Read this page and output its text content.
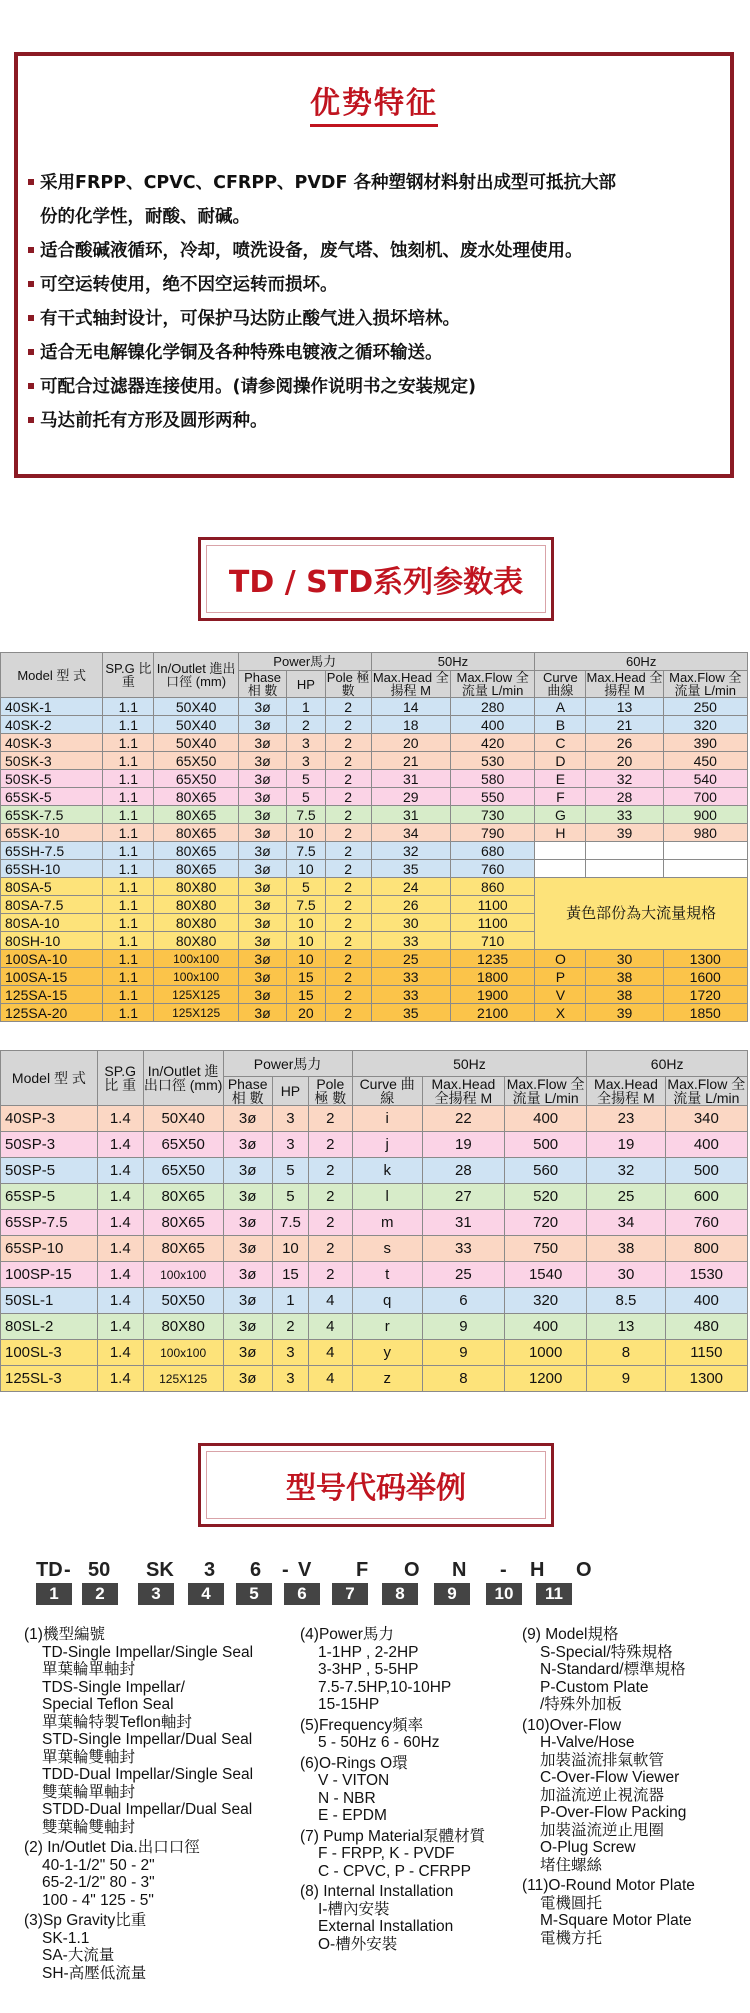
优势特征
采用FRPP、CPVC、CFRPP、PVDF 各种塑钢材料射出成型可抵抗大部
份的化学性，耐酸、耐碱。
适合酸碱液循环，冷却，喷洗设备，废气塔、蚀刻机、废水处理使用。
可空运转使用，绝不因空运转而损坏。
有干式轴封设计，可保护马达防止酸气进入损坏培林。
适合无电解镍化学铜及各种特殊电镀液之循环输送。
可配合过滤器连接使用。(请参阅操作说明书之安装规定)
马达前托有方形及圆形两种。
TD / STD系列参数表
Model 型 式	SP.G 比 重	In/Outlet 進出口徑 (mm)	Power馬力			50Hz		60Hz		
			Phase 相 數	HP	Pole 極 數	Max.Head 全揚程 M	Max.Flow 全流量 L/min	Curve 曲線	Max.Head 全揚程 M	Max.Flow 全流量 L/min
40SK-1	1.1	50X40	3ø	1	2	14	280	A	13	250
40SK-2	1.1	50X40	3ø	2	2	18	400	B	21	320
40SK-3	1.1	50X40	3ø	3	2	20	420	C	26	390
50SK-3	1.1	65X50	3ø	3	2	21	530	D	20	450
50SK-5	1.1	65X50	3ø	5	2	31	580	E	32	540
65SK-5	1.1	80X65	3ø	5	2	29	550	F	28	700
65SK-7.5	1.1	80X65	3ø	7.5	2	31	730	G	33	900
65SK-10	1.1	80X65	3ø	10	2	34	790	H	39	980
65SH-7.5	1.1	80X65	3ø	7.5	2	32	680			
65SH-10	1.1	80X65	3ø	10	2	35	760			
80SA-5	1.1	80X80	3ø	5	2	24	860	黃色部份為大流量規格		
80SA-7.5	1.1	80X80	3ø	7.5	2	26	1100			
80SA-10	1.1	80X80	3ø	10	2	30	1100			
80SH-10	1.1	80X80	3ø	10	2	33	710			
100SA-10	1.1	100x100	3ø	10	2	25	1235	O	30	1300
100SA-15	1.1	100x100	3ø	15	2	33	1800	P	38	1600
125SA-15	1.1	125X125	3ø	15	2	33	1900	V	38	1720
125SA-20	1.1	125X125	3ø	20	2	35	2100	X	39	1850
Model 型 式	SP.G 比 重	In/Outlet 進出口徑 (mm)	Power馬力			50Hz			60Hz	
			Phase 相 數	HP	Pole 極 數	Curve 曲線	Max.Head 全揚程 M	Max.Flow 全流量 L/min	Max.Head 全揚程 M	Max.Flow 全流量 L/min
40SP-3	1.4	50X40	3ø	3	2	i	22	400	23	340
50SP-3	1.4	65X50	3ø	3	2	j	19	500	19	400
50SP-5	1.4	65X50	3ø	5	2	k	28	560	32	500
65SP-5	1.4	80X65	3ø	5	2	l	27	520	25	600
65SP-7.5	1.4	80X65	3ø	7.5	2	m	31	720	34	760
65SP-10	1.4	80X65	3ø	10	2	s	33	750	38	800
100SP-15	1.4	100x100	3ø	15	2	t	25	1540	30	1530
50SL-1	1.4	50X50	3ø	1	4	q	6	320	8.5	400
80SL-2	1.4	80X80	3ø	2	4	r	9	400	13	480
100SL-3	1.4	100x100	3ø	3	4	y	9	1000	8	1150
125SL-3	1.4	125X125	3ø	3	4	z	8	1200	9	1300
型号代码举例
TD - 50 SK 3 6 - V F O N - H O
1	2	3	4	5	6	7	8	9	10	11
(1)機型編號
TD-Single Impellar/Single Seal
單葉輪單軸封
TDS-Single Impellar/
Special Teflon Seal
單葉輪特製Teflon軸封
STD-Single Impellar/Dual Seal
單葉輪雙軸封
TDD-Dual Impellar/Single Seal
雙葉輪單軸封
STDD-Dual Impellar/Dual Seal
雙葉輪雙軸封
(2) In/Outlet Dia.出口口徑
40-1-1/2" 50 - 2"
65-2-1/2" 80 - 3"
100 - 4" 125 - 5"
(3)Sp Gravity比重
SK-1.1
SA-大流量
SH-高壓低流量
(4)Power馬力
1-1HP , 2-2HP
3-3HP , 5-5HP
7.5-7.5HP,10-10HP
15-15HP
(5)Frequency頻率
5 - 50Hz 6 - 60Hz
(6)O-Rings O環
V - VITON
N - NBR
E - EPDM
(7) Pump Material泵體材質
F - FRPP, K - PVDF
C - CPVC, P - CFRPP
(8) Internal Installation
I-槽內安裝
External Installation
O-槽外安裝
(9) Model規格
S-Special/特殊規格
N-Standard/標準規格
P-Custom Plate
/特殊外加板
(10)Over-Flow
H-Valve/Hose
加裝溢流排氣軟管
C-Over-Flow Viewer
加溢流逆止視流器
P-Over-Flow Packing
加裝溢流逆止甩圈
O-Plug Screw
堵住螺絲
(11)O-Round Motor Plate
電機圓托
M-Square Motor Plate
電機方托
